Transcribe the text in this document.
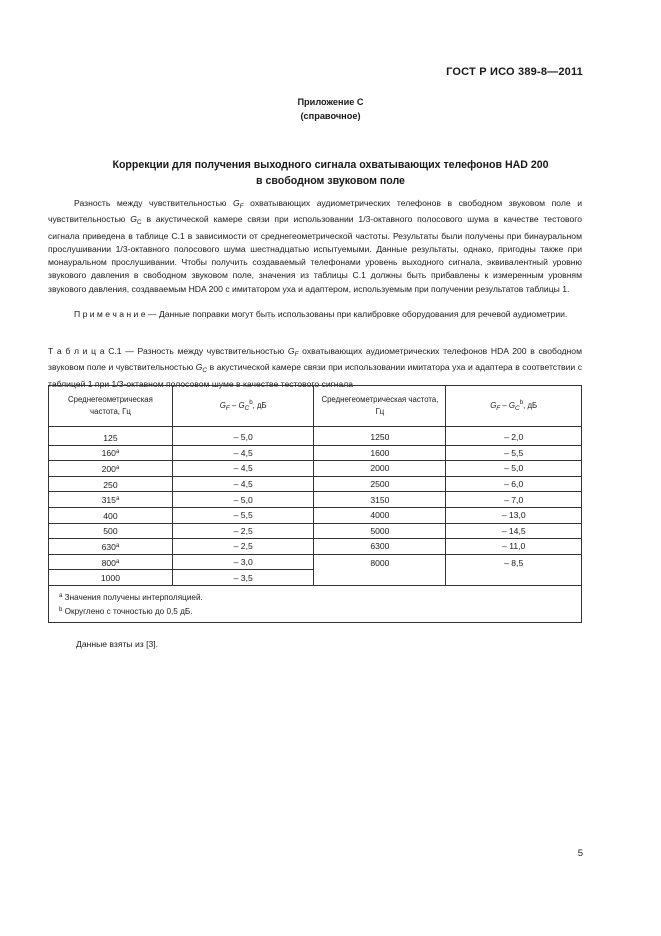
ГОСТ Р ИСО 389-8—2011
Приложение С
(справочное)
Коррекции для получения выходного сигнала охватывающих телефонов HAD 200
в свободном звуковом поле
Разность между чувствительностью $G_F$ охватывающих аудиометрических телефонов в свободном звуковом поле и чувствительностью $G_C$ в акустической камере связи при использовании 1/3-октавного полосового шума в качестве тестового сигнала приведена в таблице С.1 в зависимости от среднегеометрической частоты. Результаты были получены при бинауральном прослушивании 1/3-октавного полосового шума шестнадцатью испытуемыми. Данные результаты, однако, пригодны также при монауральном прослушивании. Чтобы получить создаваемый телефонами уровень выходного сигнала, эквивалентный уровню звукового давления в свободном звуковом поле, значения из таблицы С.1 должны быть прибавлены к измеренным уровням звукового давления, создаваемым HDA 200 с имитатором уха и адаптером, используемым при получении результатов таблицы 1.
П р и м е ч а н и е — Данные поправки могут быть использованы при калибровке оборудования для речевой аудиометрии.
Т а б л и ц а С.1 — Разность между чувствительностью $G_F$ охватывающих аудиометрических телефонов HDA 200 в свободном звуковом поле и чувствительностью $G_C$ в акустической камере связи при использовании имитатора уха и адаптера в соответствии с таблицей 1 при 1/3-октавном полосовом шуме в качестве тестового сигнала
Среднегеометрическая частота, Гц	$G_F - G_C^b$, дБ	Среднегеометрическая частота, Гц	$G_F - G_C^b$, дБ
125	– 5,0	1250	– 2,0
160$^a$	– 4,5	1600	– 5,5
200$^a$	– 4,5	2000	– 5,0
250	– 4,5	2500	– 6,0
315$^a$	– 5,0	3150	– 7,0
400	– 5,5	4000	– 13,0
500	– 2,5	5000	– 14,5
630$^a$	– 2,5	6300	– 11,0
800$^a$	– 3,0	8000	– 8,5
1000	– 3,5		

$^a$ Значения получены интерполяцией.
$^b$ Округлено с точностью до 0,5 дБ.			
Данные взяты из [3].
5
